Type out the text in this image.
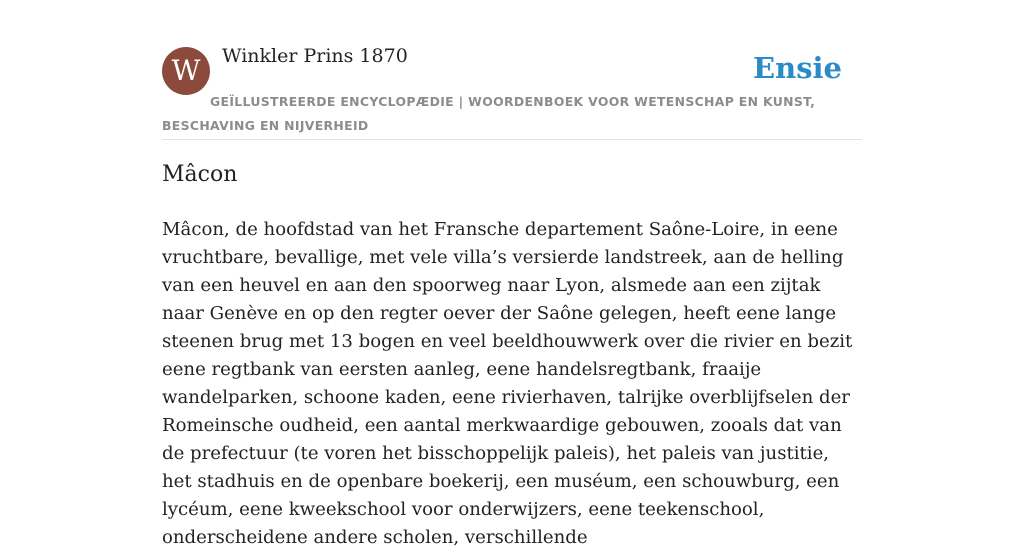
W Winkler Prins 1870	Ensie
GEÏLLUSTREERDE ENCYCLOPÆDIE | WOORDENBOEK VOOR WETENSCHAP EN KUNST, BESCHAVING EN NIJVERHEID
Mâcon

Mâcon, de hoofdstad van het Fransche departement Saône-Loire, in eene vruchtbare, bevallige, met vele villa’s versierde landstreek, aan de helling van een heuvel en aan den spoorweg naar Lyon, alsmede aan een zijtak naar Genève en op den regter oever der Saône gelegen, heeft eene lange steenen brug met 13 bogen en veel beeldhouwwerk over die rivier en bezit eene regtbank van eersten aanleg, eene handelsregtbank, fraaije wandelparken, schoone kaden, eene rivierhaven, talrijke overblijfselen der Romeinsche oudheid, een aantal merkwaardige gebouwen, zooals dat van de prefectuur (te voren het bisschoppelijk paleis), het paleis van justitie, het stadhuis en de openbare boekerij, een muséum, een schouwburg, een lycéum, eene kweekschool voor onderwijzers, eene teekenschool, onderscheidene andere scholen, verschillende
